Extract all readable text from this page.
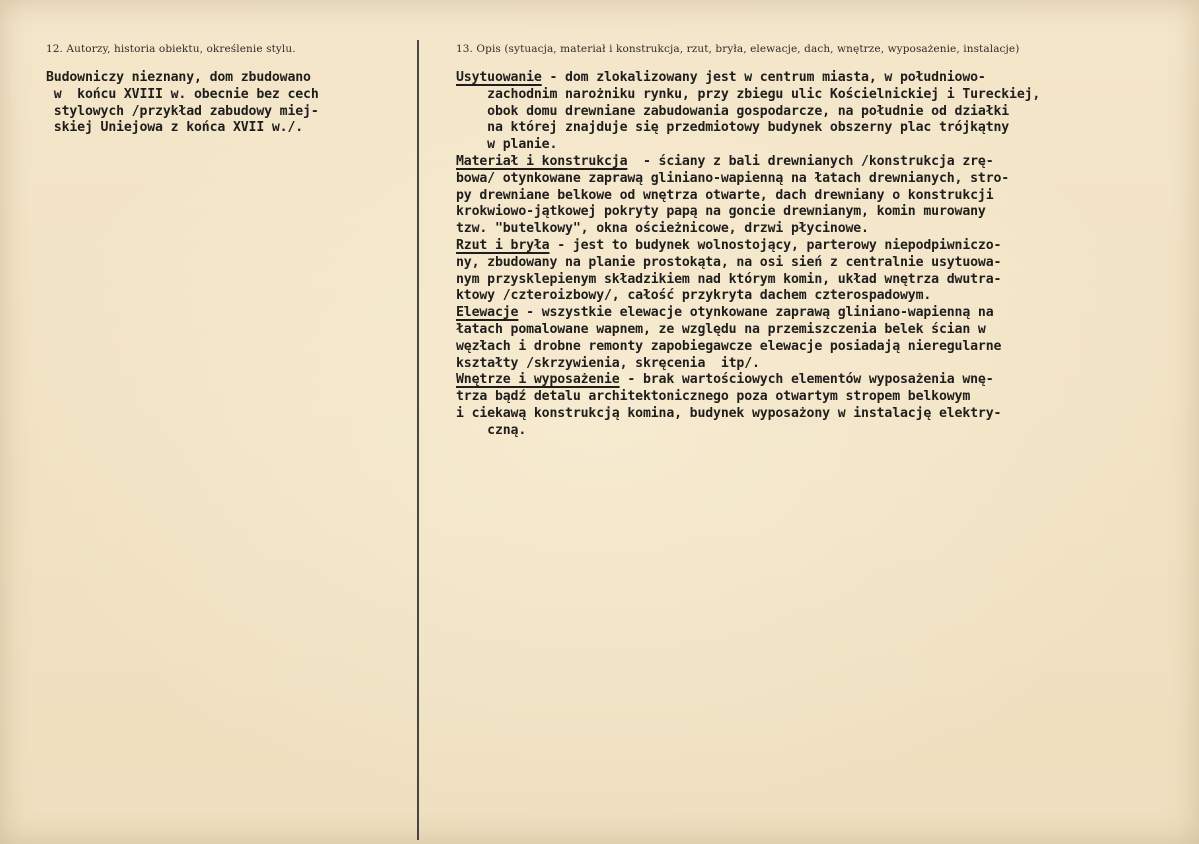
12. Autorzy, historia obiektu, określenie stylu.	13. Opis (sytuacja, materiał i konstrukcja, rzut, bryła, elewacje, dach, wnętrze, wyposażenie, instalacje)
Budowniczy nieznany, dom zbudowano
w  końcu XVIII w. obecnie bez cech
stylowych /przykład zabudowy miej-
skiej Uniejowa z końca XVII w./.
Usytuowanie - dom zlokalizowany jest w centrum miasta, w południowo-
zachodnim narożniku rynku, przy zbiegu ulic Kościelnickiej i Tureckiej,
obok domu drewniane zabudowania gospodarcze, na południe od działki
na której znajduje się przedmiotowy budynek obszerny plac trójkątny
w planie.
Materiał i konstrukcja  - ściany z bali drewnianych /konstrukcja zrę-
bowa/ otynkowane zaprawą gliniano-wapienną na łatach drewnianych, stro-
py drewniane belkowe od wnętrza otwarte, dach drewniany o konstrukcji
krokwiowo-jątkowej pokryty papą na goncie drewnianym, komin murowany
tzw. "butelkowy", okna ościeżnicowe, drzwi płycinowe.
Rzut i bryła - jest to budynek wolnostojący, parterowy niepodpiwniczo-
ny, zbudowany na planie prostokąta, na osi sień z centralnie usytuowa-
nym przysklepienym składzikiem nad którym komin, układ wnętrza dwutra-
ktowy /czteroizbowy/, całość przykryta dachem czterospadowym.
Elewacje - wszystkie elewacje otynkowane zaprawą gliniano-wapienną na
łatach pomalowane wapnem, ze względu na przemiszczenia belek ścian w
węzłach i drobne remonty zapobiegawcze elewacje posiadają nieregularne
kształty /skrzywienia, skręcenia  itp/.
Wnętrze i wyposażenie - brak wartościowych elementów wyposażenia wnę-
trza bądź detalu architektonicznego poza otwartym stropem belkowym
i ciekawą konstrukcją komina, budynek wyposażony w instalację elektry-
czną.
